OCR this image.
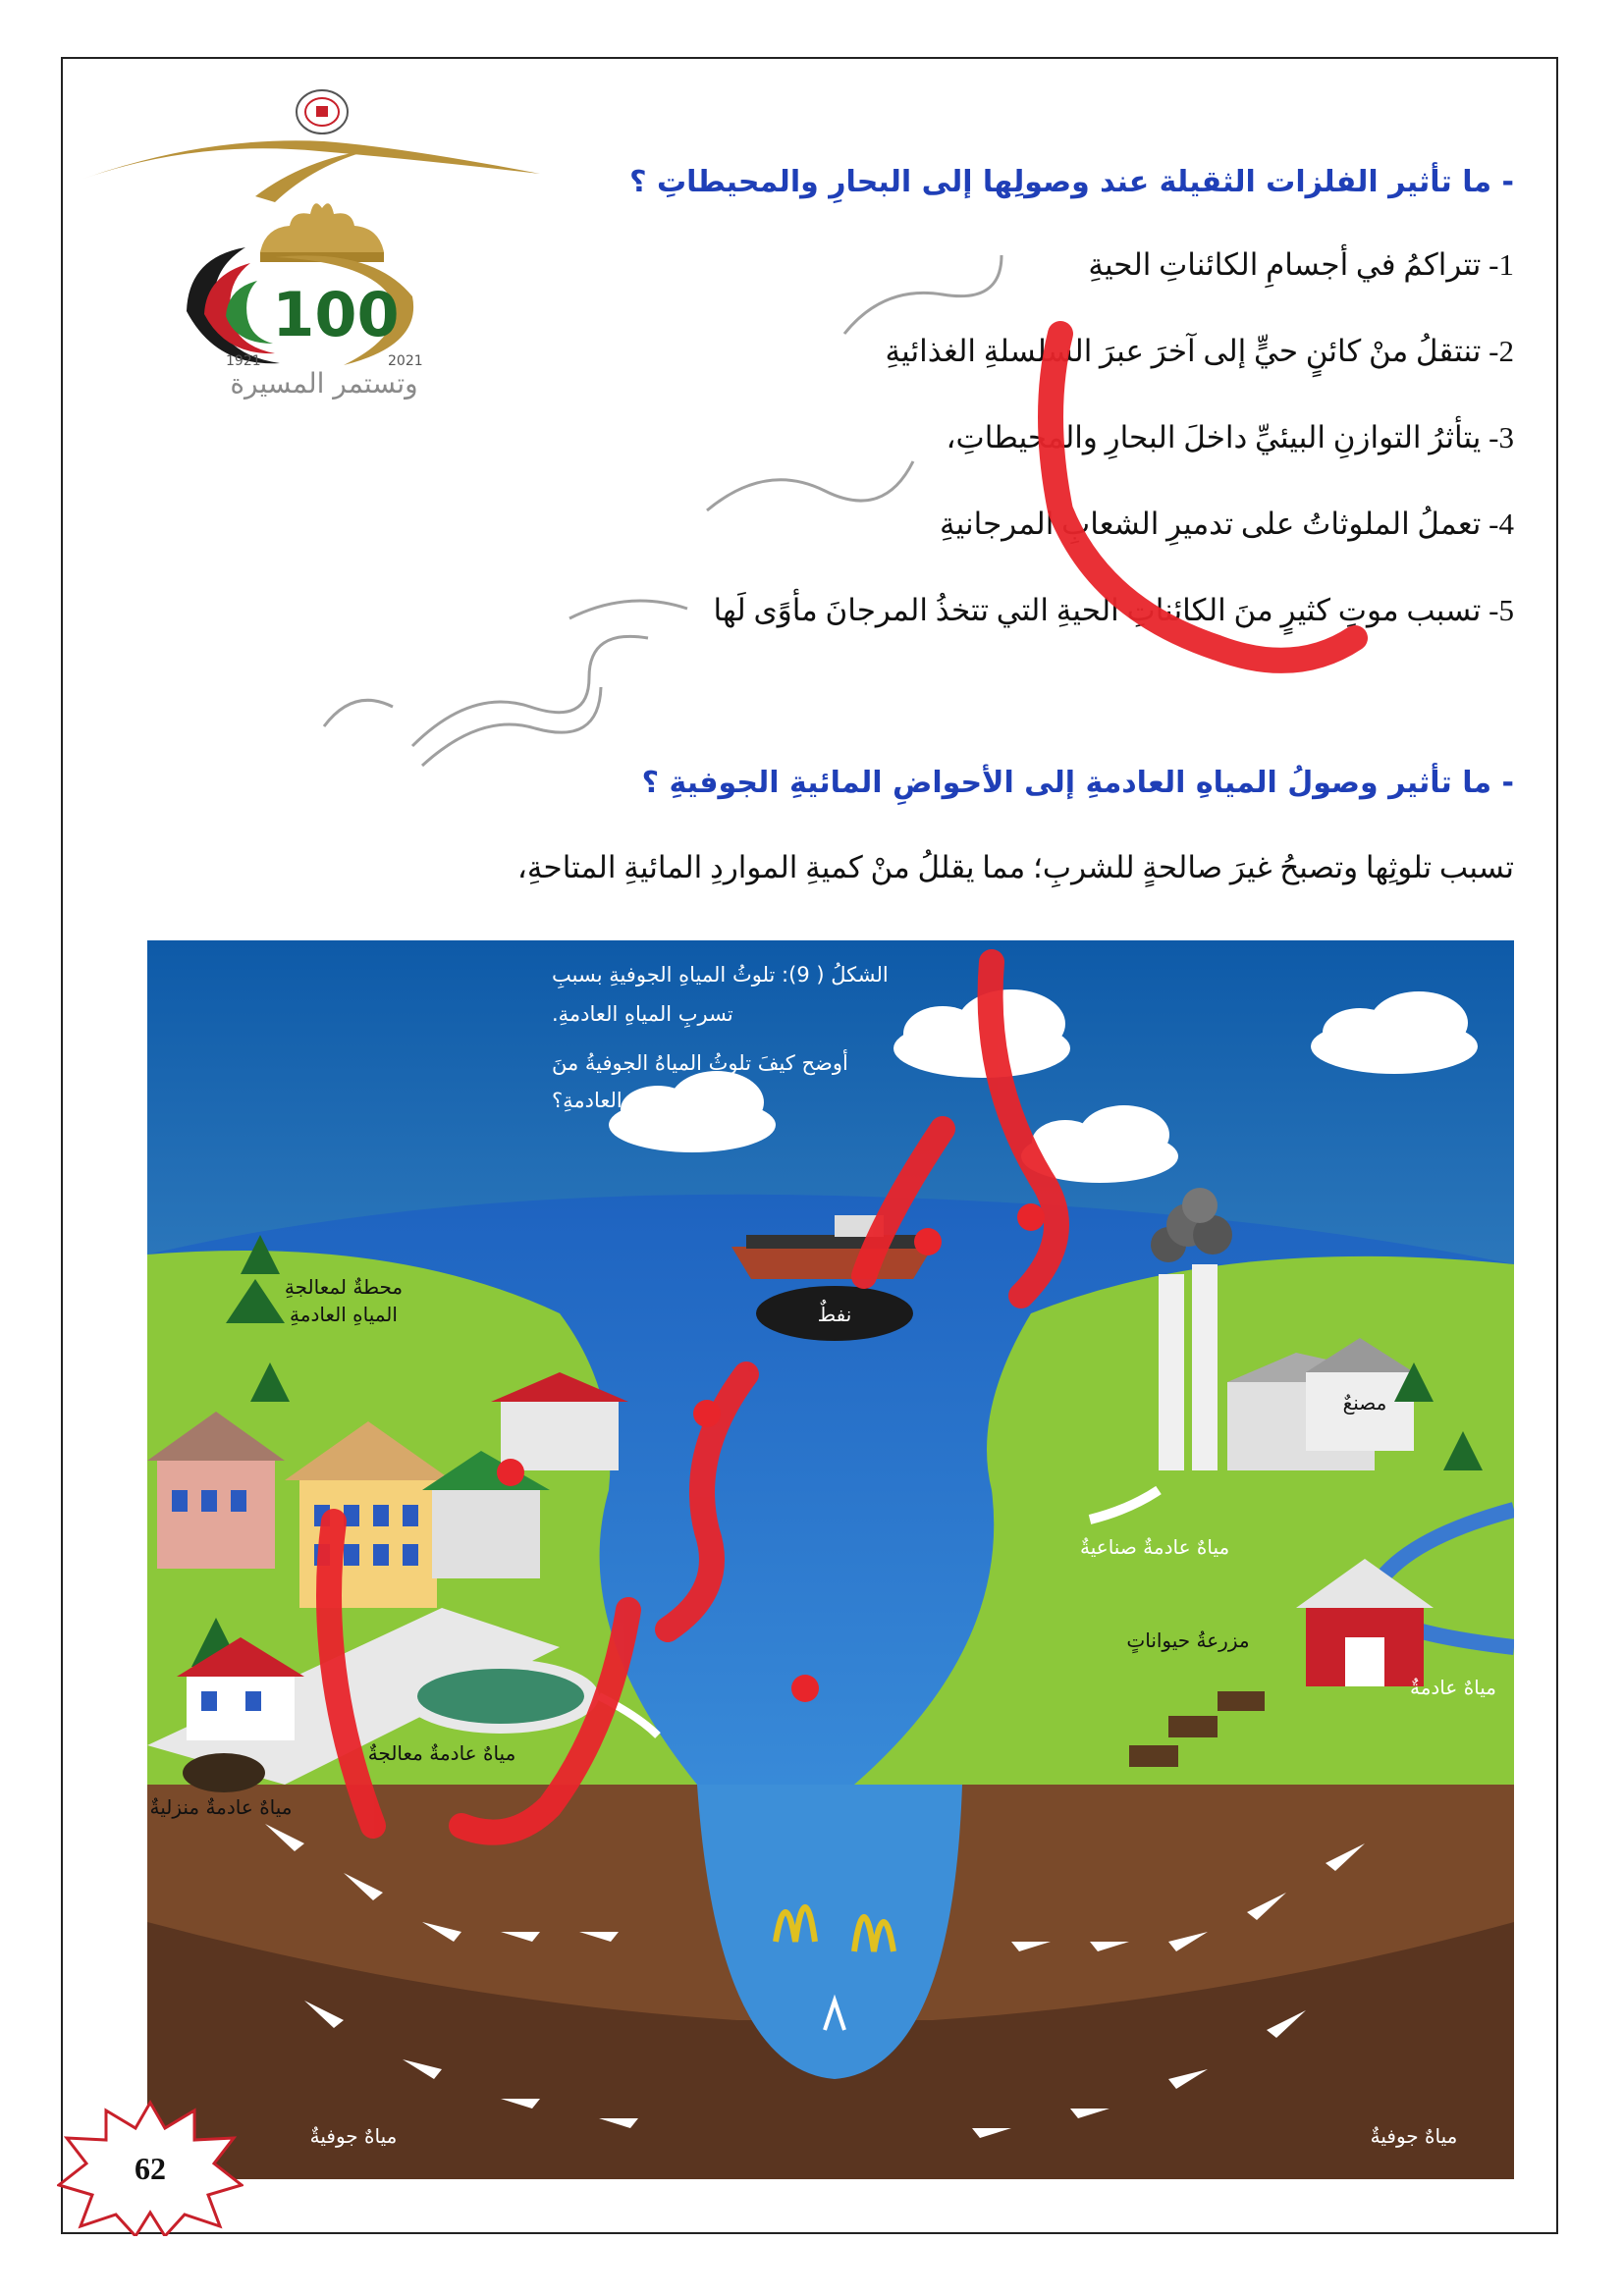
100
1921	2021
وتستمر المسيرة
- ما تأثير الفلزات الثقيلة عند وصولِها إلى البحارِ والمحيطاتِ ؟
1- تتراكمُ في أجسامِ الكائناتِ الحيةِ
2- تنتقلُ منْ كائنٍ حيٍّ إلى آخرَ عبرَ السلسلةِ الغذائيةِ
3- يتأثرُ التوازنِ البيئيِّ داخلَ البحارِ والمحيطاتِ،
4- تعملُ الملوثاتُ على تدميرِ الشعابِ المرجانيةِ
5- تسبب موتِ كثيرٍ منَ الكائناتِ الحيةِ التي تتخذُ المرجانَ مأوًى لَها
- ما تأثير وصولُ المياهِ العادمةِ إلى الأحواضِ المائيةِ الجوفيةِ ؟
تسبب تلوثِها وتصبحُ غيرَ صالحةٍ للشربِ؛ مما يقللُ منْ كميةِ المواردِ المائيةِ المتاحةِ،
نفطٌ
مصنعٌ
مياهٌ عادمةٌ صناعيةٌ
محطةٌ لمعالجةِ
المياهِ العادمةِ
مياهٌ عادمةٌ معالجةٌ
مياهٌ عادمةٌ منزليةٌ
مزرعةُ حيواناتٍ
مياهٌ عادمةٌ
مياهٌ جوفيةٌ	مياهٌ جوفيةٌ
الشكلُ ( 9): تلوثُ المياهِ الجوفيةِ بسببِ
تسربِ المياهِ العادمةِ.
أوضح كيفَ تلوثُ المياهُ الجوفيةُ منَ
المياهِ العادمةِ؟
62
